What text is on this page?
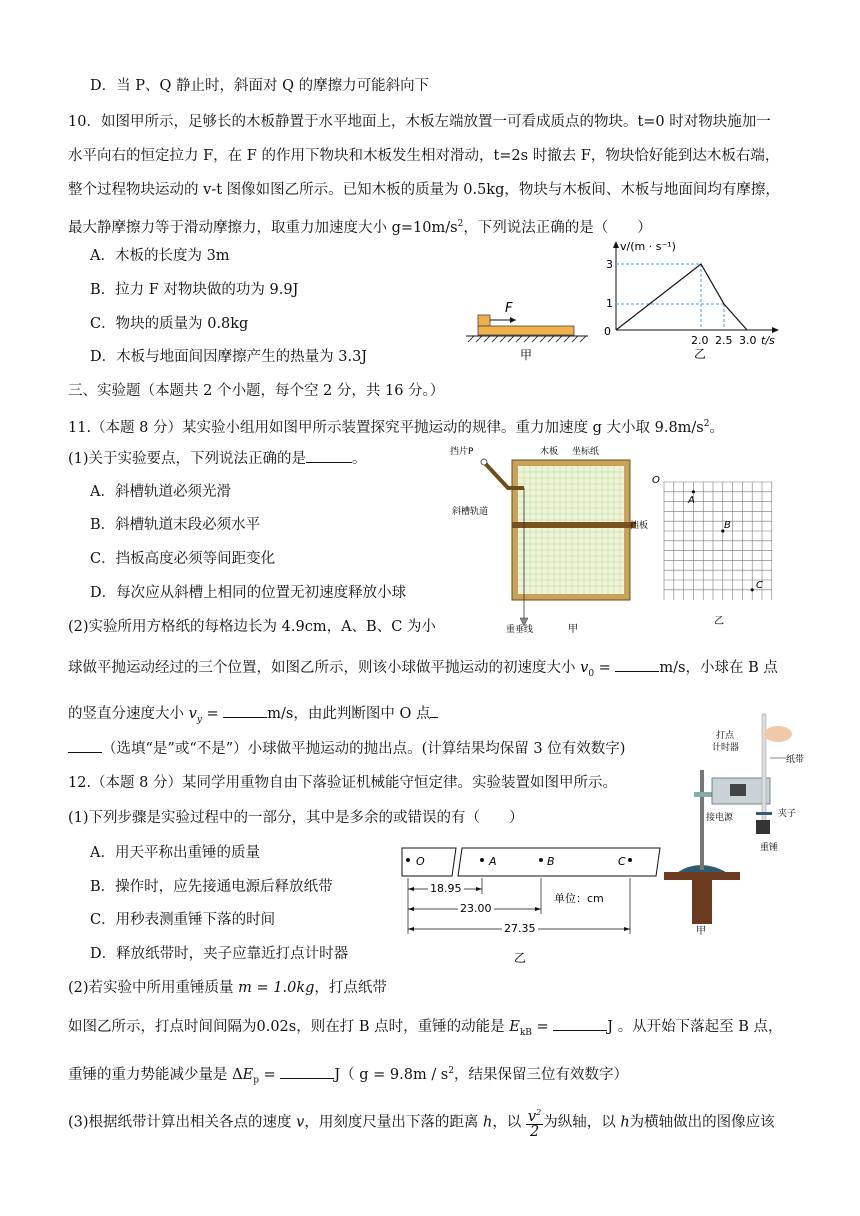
D．当 P、Q 静止时，斜面对 Q 的摩擦力可能斜向下
10．如图甲所示，足够长的木板静置于水平地面上，木板左端放置一可看成质点的物块。t=0 时对物块施加一
水平向右的恒定拉力 F，在 F 的作用下物块和木板发生相对滑动，t=2s 时撤去 F，物块恰好能到达木板右端，
整个过程物块运动的 v-t 图像如图乙所示。已知木板的质量为 0.5kg，物块与木板间、木板与地面间均有摩擦，
最大静摩擦力等于滑动摩擦力，取重力加速度大小 $g=10m/s^2$，下列说法正确的是（　　）
A．木板的长度为 3m
B．拉力 F 对物块做的功为 9.9J
C．物块的质量为 0.8kg
D．木板与地面间因摩擦产生的热量为 3.3J
F
甲
v/(m · s⁻¹)
t/s
0
3
1
2.0 2.5 3.0
乙
三、实验题（本题共 2 个小题，每个空 2 分，共 16 分。）
11.（本题 8 分）某实验小组用如图甲所示装置探究平抛运动的规律。重力加速度 g 大小取 $9.8m/s^2$。
(1)关于实验要点，下列说法正确的是	。
A．斜槽轨道必须光滑
B．斜槽轨道末段必须水平
C．挡板高度必须等间距变化
D．每次应从斜槽上相同的位置无初速度释放小球
(2)实验所用方格纸的每格边长为 4.9cm，A、B、C 为小
球做平抛运动经过的三个位置，如图乙所示，则该小球做平抛运动的初速度大小 $v_0$ =	m/s，小球在 B 点
的竖直分速度大小 $v_y$ =	m/s，由此判断图中 O 点
（选填“是”或“不是”）小球做平抛运动的抛出点。(计算结果均保留 3 位有效数字)
挡片P	木板 坐标纸
挡板
斜槽轨道
重垂线	甲
O
A
B
C
乙
12.（本题 8 分）某同学用重物自由下落验证机械能守恒定律。实验装置如图甲所示。
(1)下列步骤是实验过程中的一部分，其中是多余的或错误的有（　　）
A．用天平称出重锤的质量
B．操作时，应先接通电源后释放纸带
C．用秒表测重锤下落的时间
D．释放纸带时，夹子应靠近打点计时器
(2)若实验中所用重锤质量 m = 1.0kg，打点纸带
如图乙所示，打点时间间隔为0.02s，则在打 B 点时，重锤的动能是 $E_{kB}$ =	J 。从开始下落起至 B 点，
重锤的重力势能减少量是 $\Delta E_p$ =	J（ $g = 9.8m / s^2$，结果保留三位有效数字）
(3)根据纸带计算出相关各点的速度 v，用刻度尺量出下落的距离 h，以 $\frac{v^2}{2}$ 为纵轴，以 h为横轴做出的图像应该
O	A	B	C
18.95
23.00
27.35
单位：cm
乙
打点
计时器
纸带
夹子
接电源
重锤
甲
